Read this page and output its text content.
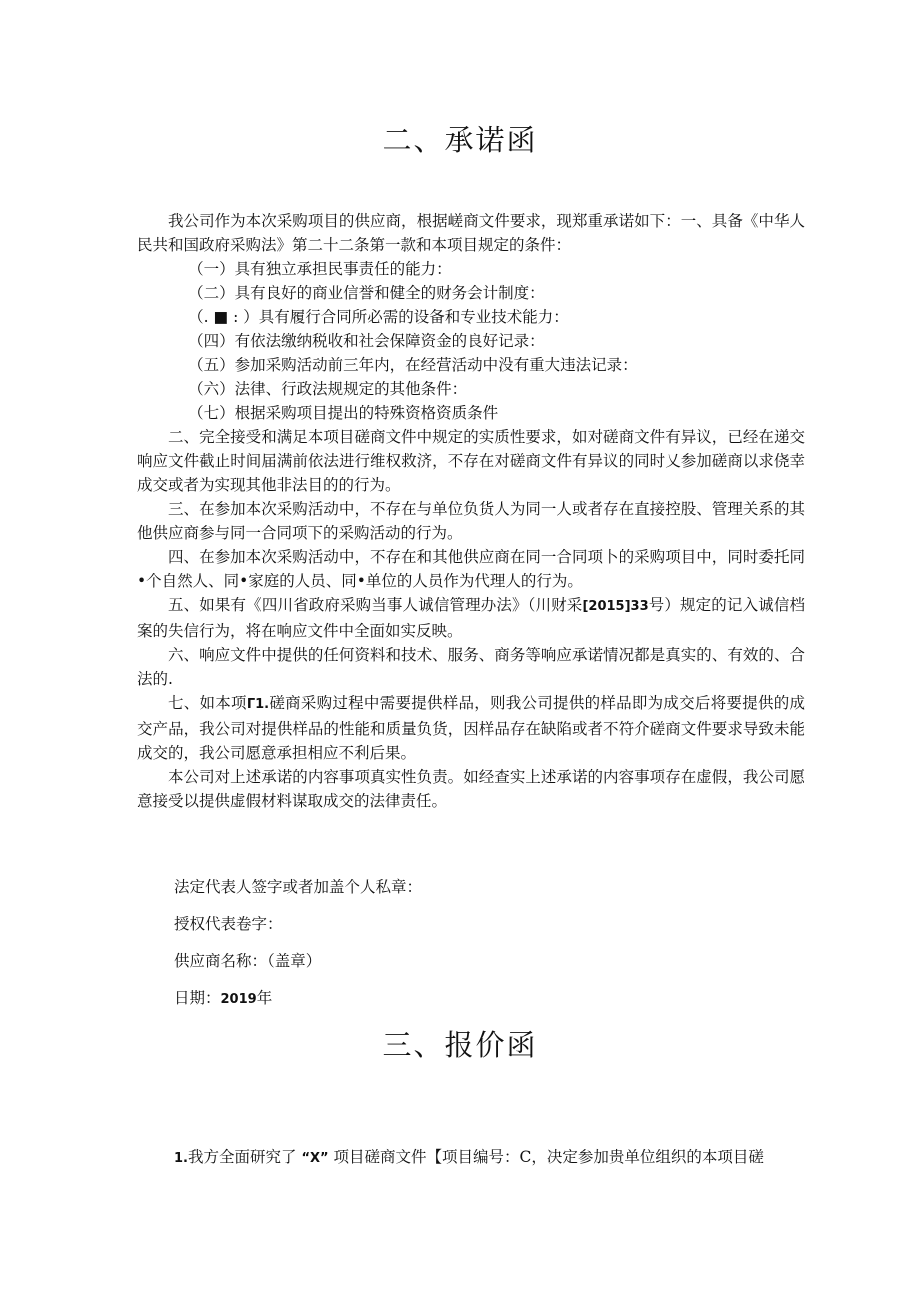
二、承诺函

我公司作为本次采购项目的供应商，根据嵯商文件要求，现郑重承诺如下：一、具备《中华人民共和国政府采购法》第二十二条第一款和本项目规定的条件：

（一）具有独立承担民事责任的能力：

（二）具有良好的商业信誉和健全的财务会计制度：

（. ■ : ）具有履行合同所必需的设备和专业技术能力：

（四）有依法缴纳税收和社会保障资金的良好记录：

（五）参加采购活动前三年内，在经营活动中没有重大违法记录：

（六）法律、行政法规规定的其他条件：

（七）根据采购项目提出的特殊资格资质条件

二、完全接受和满足本项目磋商文件中规定的实质性要求，如对磋商文件有异议，已经在递交响应文件截止时间届满前依法进行维权救济，不存在对磋商文件有异议的同时乂参加磋商以求侥幸成交或者为实现其他非法目的的行为。

三、在参加本次采购活动中，不存在与单位负货人为同一人或者存在直接控股、管理关系的其他供应商参与同一合同项下的采购活动的行为。

四、在参加本次采购活动中，不存在和其他供应商在同一合同项卜的采购项目中，同时委托同•个自然人、同•家庭的人员、同•单位的人员作为代理人的行为。

五、如果有《四川省政府采购当事人诚信管理办法》（川财采[2015]33号）规定的记入诚信档案的失信行为，将在响应文件中全面如实反映。

六、响应文件中提供的任何资料和技术、服务、商务等响应承诺情况都是真实的、有效的、合法的.

七、如本项Γ1.磋商采购过程中需要提供样品，则我公司提供的样品即为成交后将要提供的成交产品，我公司对提供样品的性能和质量负货，因样品存在缺陷或者不符介磋商文件要求导致未能成交的，我公司愿意承担相应不利后果。

本公司对上述承诺的内容事项真实性负责。如经查实上述承诺的内容事项存在虚假，我公司愿意接受以提供虚假材料谋取成交的法律责任。

法定代表人签字或者加盖个人私章：
授权代表卷字：
供应商名称：（盖章）
日期：2019年
三、报价函

1.我方全面研究了 “X” 项目磋商文件【项目编号：C，决定参加贵单位组织的本项目磋
